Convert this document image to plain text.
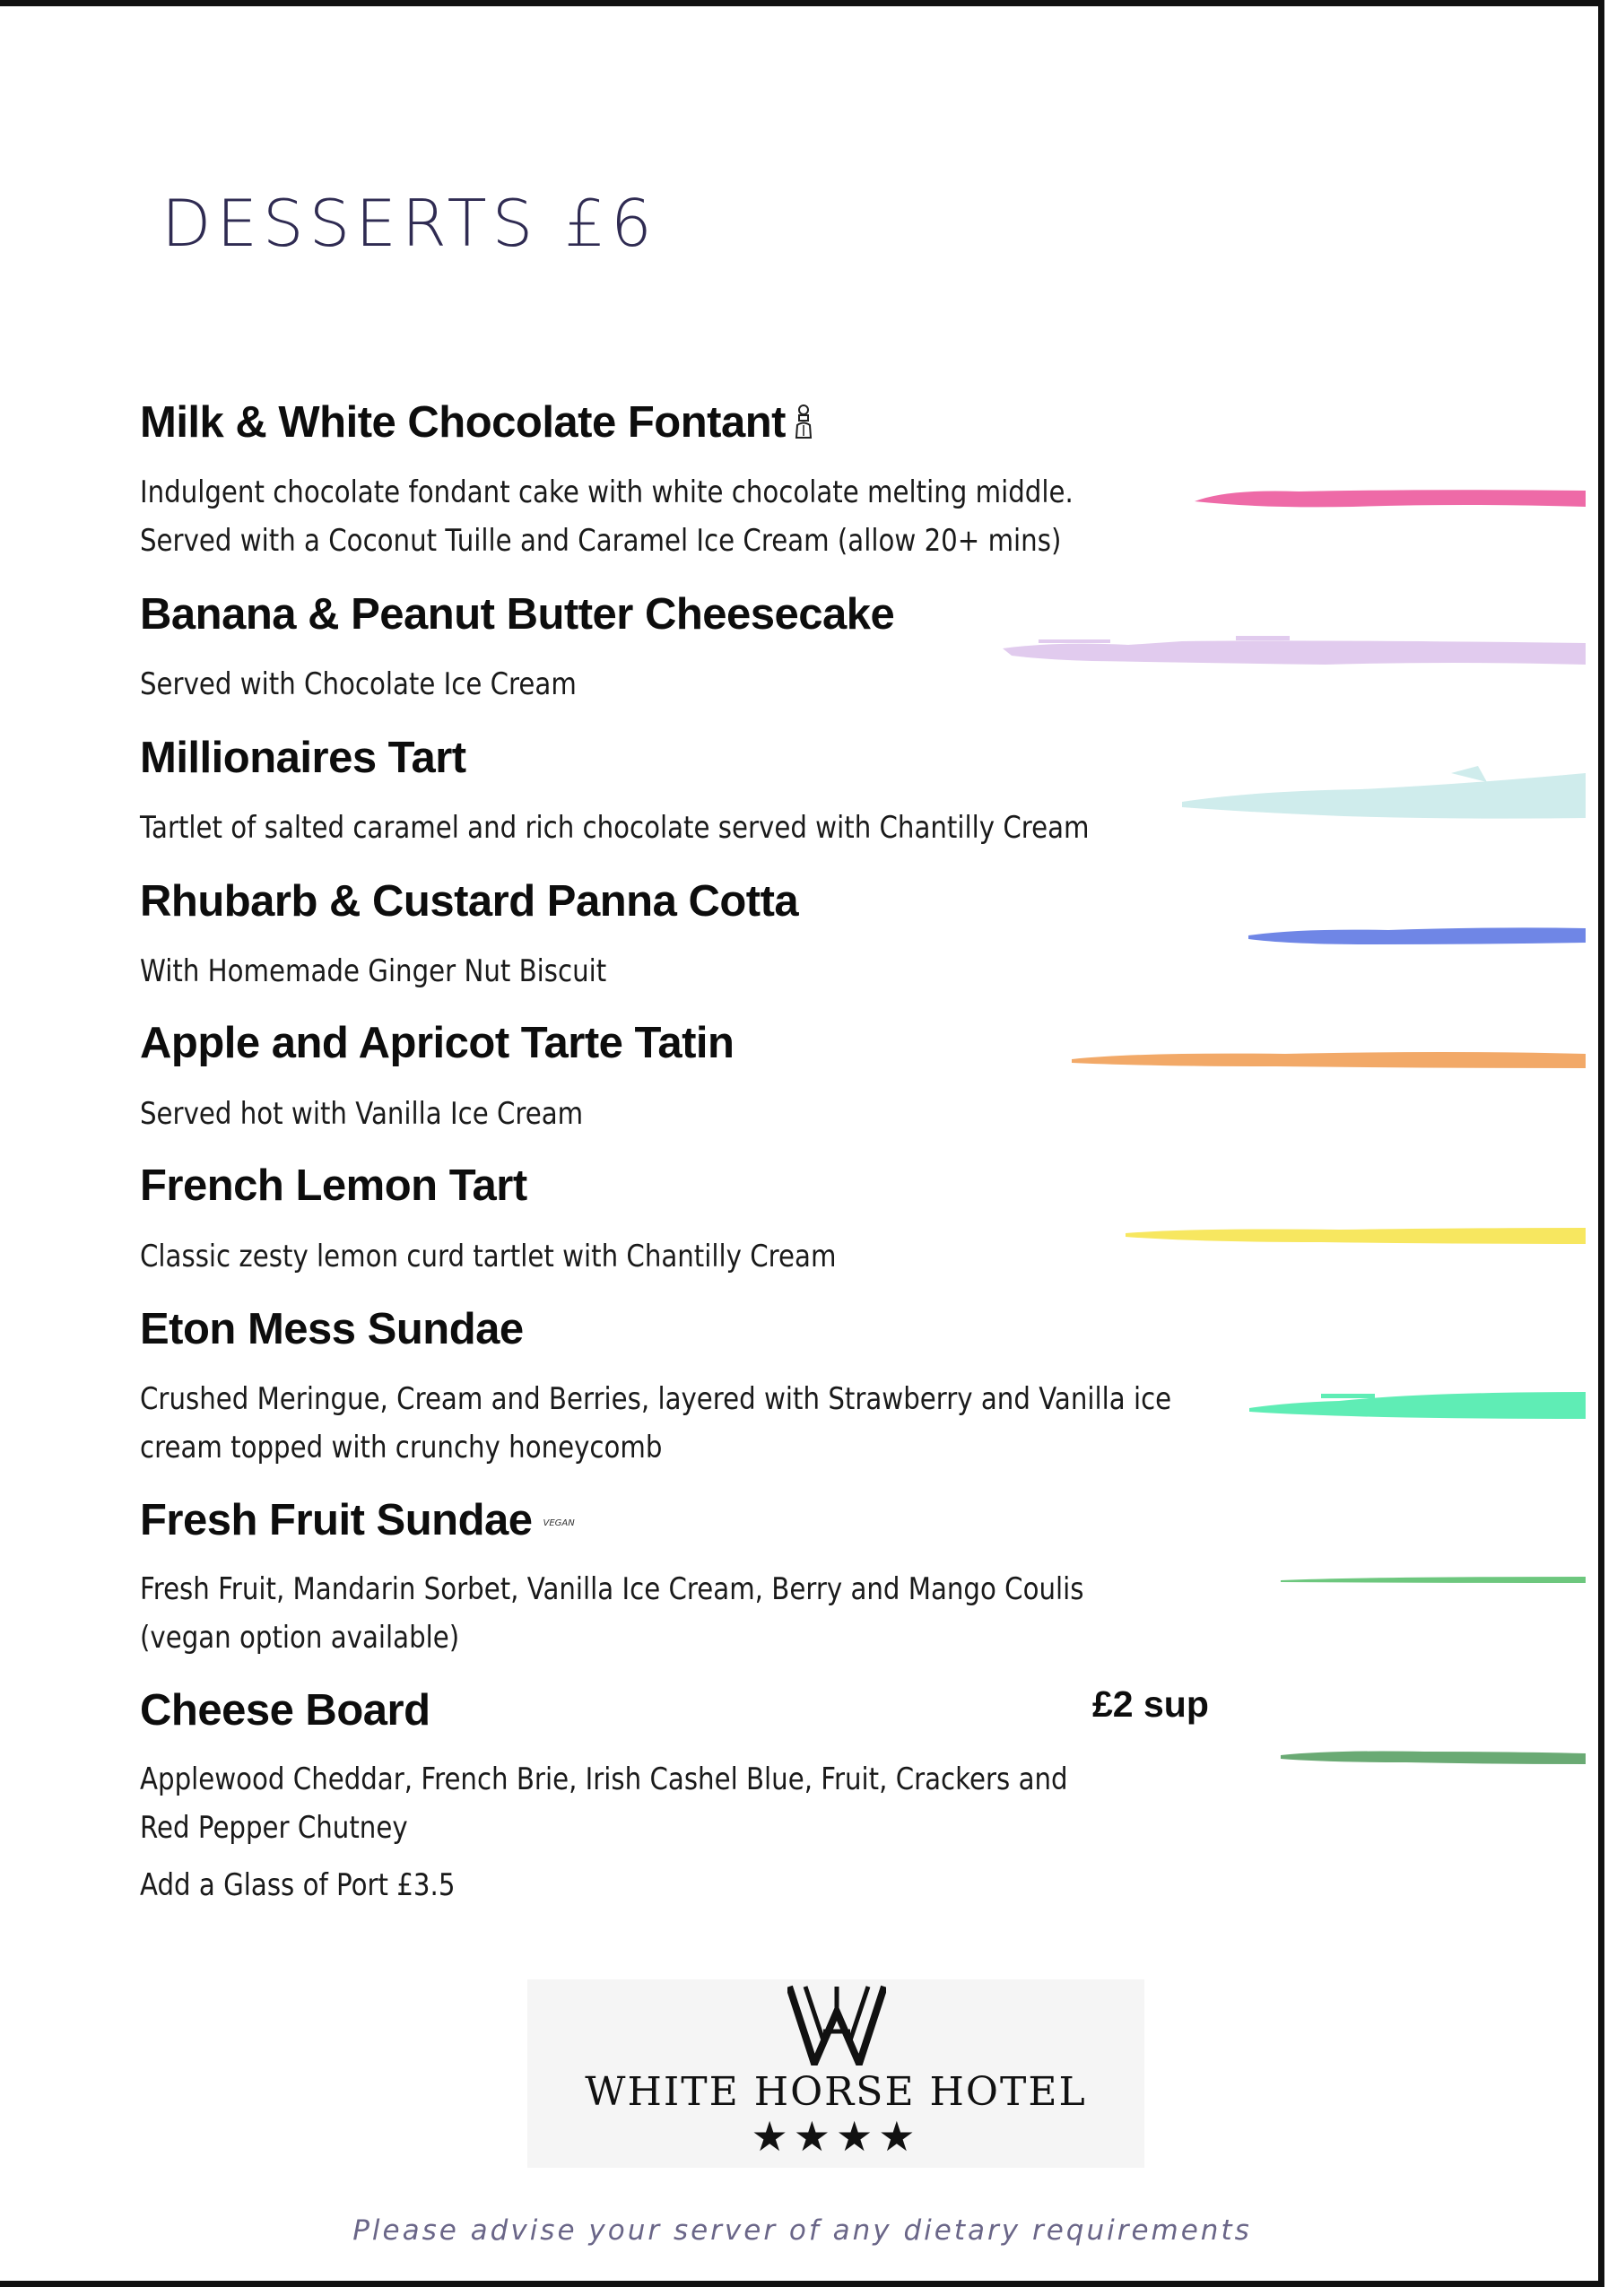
DESSERTS £6
Milk & White Chocolate Fontant
Indulgent chocolate fondant cake with white chocolate melting middle.
Served with a Coconut Tuille and Caramel Ice Cream (allow 20+ mins)
Banana & Peanut Butter Cheesecake
Served with Chocolate Ice Cream
Millionaires Tart
Tartlet of salted caramel and rich chocolate served with Chantilly Cream
Rhubarb & Custard Panna Cotta
With Homemade Ginger Nut Biscuit
Apple and Apricot Tarte Tatin
Served hot with Vanilla Ice Cream
French Lemon Tart
Classic zesty lemon curd tartlet with Chantilly Cream
Eton Mess Sundae
Crushed Meringue, Cream and Berries, layered with Strawberry and Vanilla ice
cream topped with crunchy honeycomb
Fresh Fruit Sundae VEGAN
Fresh Fruit, Mandarin Sorbet, Vanilla Ice Cream, Berry and Mango Coulis
(vegan option available)
Cheese Board	£2 sup
Applewood Cheddar, French Brie, Irish Cashel Blue, Fruit, Crackers and
Red Pepper Chutney
Add a Glass of Port £3.5
WHITE HORSE HOTEL
★★★★
Please advise your server of any dietary requirements
